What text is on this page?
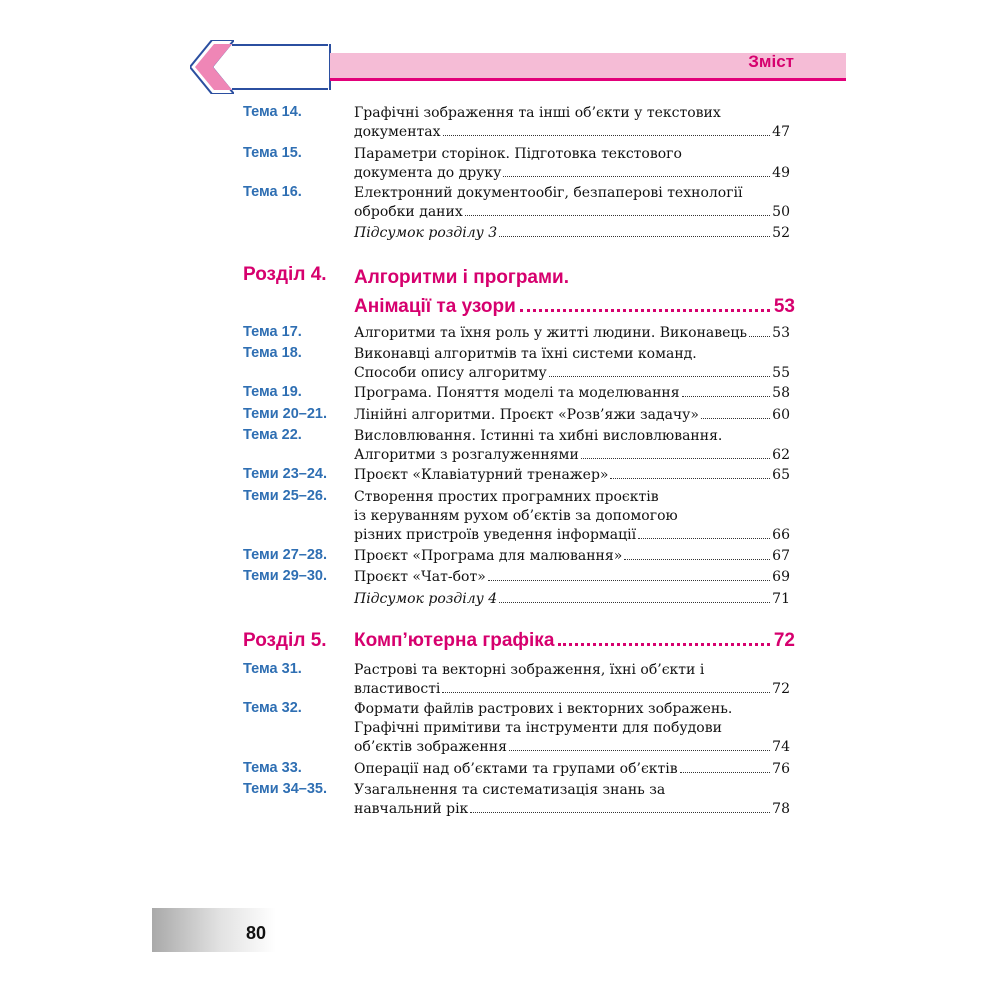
Зміст
Тема 14.	Графічні зображення та інші об’єкти у текстових
документах	47
Тема 15.	Параметри сторінок. Підготовка текстового
документа до друку	49
Тема 16.	Електронний документообіг, безпаперові технології
обробки даних	50
Підсумок розділу 3	52
Розділ 4. Алгоритми і програми.
Анімації та узори	53
Тема 17.	Алгоритми та їхня роль у житті людини. Виконавець 53
Тема 18.	Виконавці алгоритмів та їхні системи команд.
Способи опису алгоритму	55
Тема 19.	Програма. Поняття моделі та моделювання	58
Теми 20–21. Лінійні алгоритми. Проєкт «Розв’яжи задачу»	60
Тема 22.	Висловлювання. Істинні та хибні висловлювання.
Алгоритми з розгалуженнями	62
Теми 23–24. Проєкт «Клавіатурний тренажер»	65
Теми 25–26. Створення простих програмних проєктів
із керуванням рухом об’єктів за допомогою
різних пристроїв уведення інформації	66
Теми 27–28. Проєкт «Програма для малювання»	67
Теми 29–30. Проєкт «Чат-бот»	69
Підсумок розділу 4	71
Розділ 5. Комп’ютерна графіка	72
Тема 31.	Растрові та векторні зображення, їхні об’єкти і
властивості	72
Тема 32.	Формати файлів растрових і векторних зображень.
Графічні примітиви та інструменти для побудови
об’єктів зображення	74
Тема 33.	Операції над об’єктами та групами об’єктів	76
Теми 34–35. Узагальнення та систематизація знань за
навчальний рік	78
80
